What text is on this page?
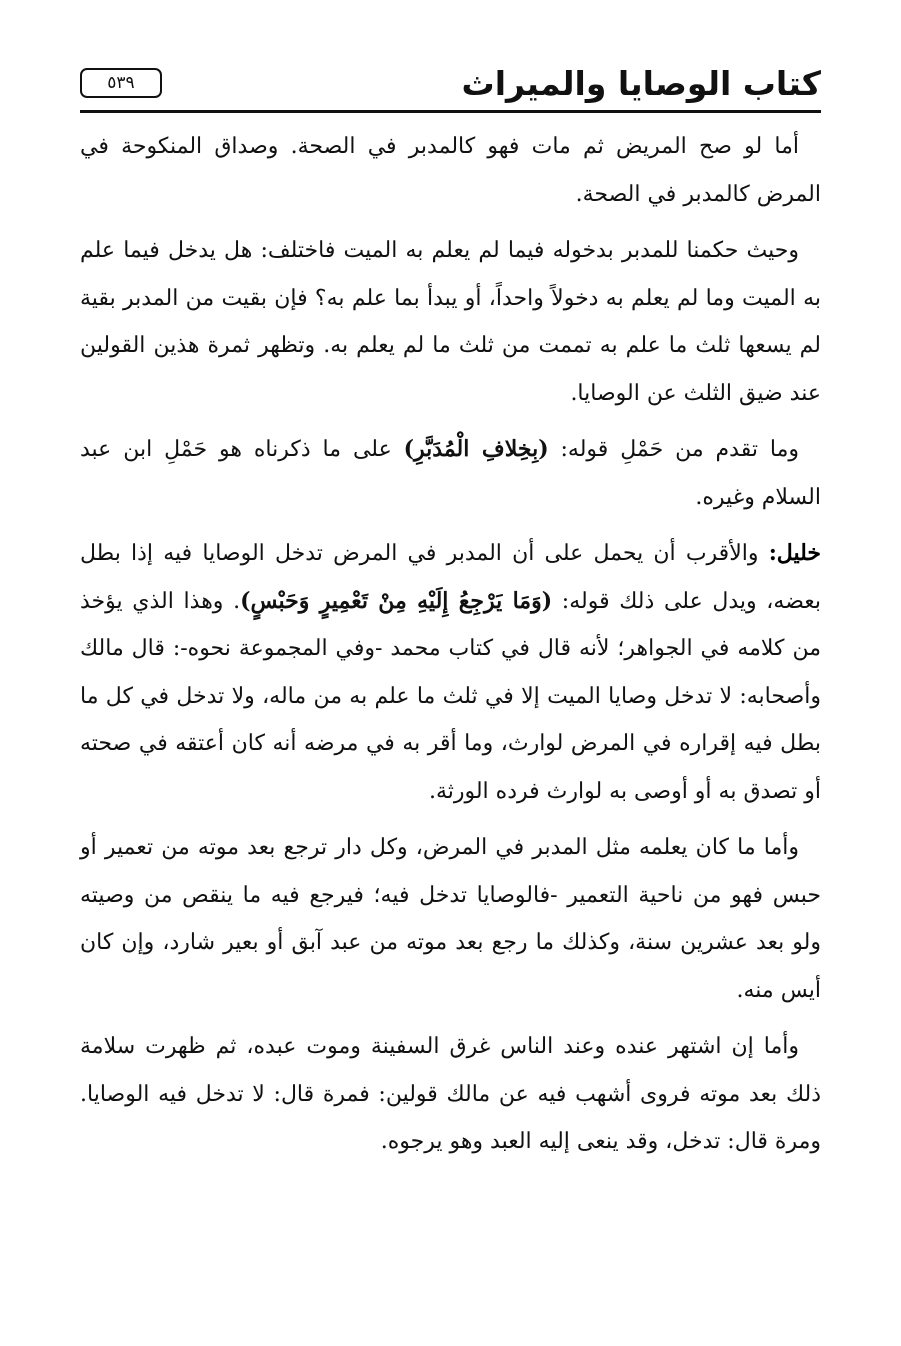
كتاب الوصايا والميراث
٥٣٩

أما لو صح المريض ثم مات فهو كالمدبر في الصحة. وصداق المنكوحة في المرض كالمدبر في الصحة.

وحيث حكمنا للمدبر بدخوله فيما لم يعلم به الميت فاختلف: هل يدخل فيما علم به الميت وما لم يعلم به دخولاً واحداً، أو يبدأ بما علم به؟ فإن بقيت من المدبر بقية لم يسعها ثلث ما علم به تممت من ثلث ما لم يعلم به. وتظهر ثمرة هذين القولين عند ضيق الثلث عن الوصايا.

وما تقدم من حَمْلِ قوله: (بِخِلافِ الْمُدَبَّرِ) على ما ذكرناه هو حَمْلِ ابن عبد السلام وغيره.

خليل: والأقرب أن يحمل على أن المدبر في المرض تدخل الوصايا فيه إذا بطل بعضه، ويدل على ذلك قوله: (وَمَا يَرْجِعُ إِلَيْهِ مِنْ تَعْمِيرٍ وَحَبْسٍ). وهذا الذي يؤخذ من كلامه في الجواهر؛ لأنه قال في كتاب محمد -وفي المجموعة نحوه-: قال مالك وأصحابه: لا تدخل وصايا الميت إلا في ثلث ما علم به من ماله، ولا تدخل في كل ما بطل فيه إقراره في المرض لوارث، وما أقر به في مرضه أنه كان أعتقه في صحته أو تصدق به أو أوصى به لوارث فرده الورثة.

وأما ما كان يعلمه مثل المدبر في المرض، وكل دار ترجع بعد موته من تعمير أو حبس فهو من ناحية التعمير -فالوصايا تدخل فيه؛ فيرجع فيه ما ينقص من وصيته ولو بعد عشرين سنة، وكذلك ما رجع بعد موته من عبد آبق أو بعير شارد، وإن كان أيس منه.

وأما إن اشتهر عنده وعند الناس غرق السفينة وموت عبده، ثم ظهرت سلامة ذلك بعد موته فروى أشهب فيه عن مالك قولين: فمرة قال: لا تدخل فيه الوصايا. ومرة قال: تدخل، وقد ينعى إليه العبد وهو يرجوه.
